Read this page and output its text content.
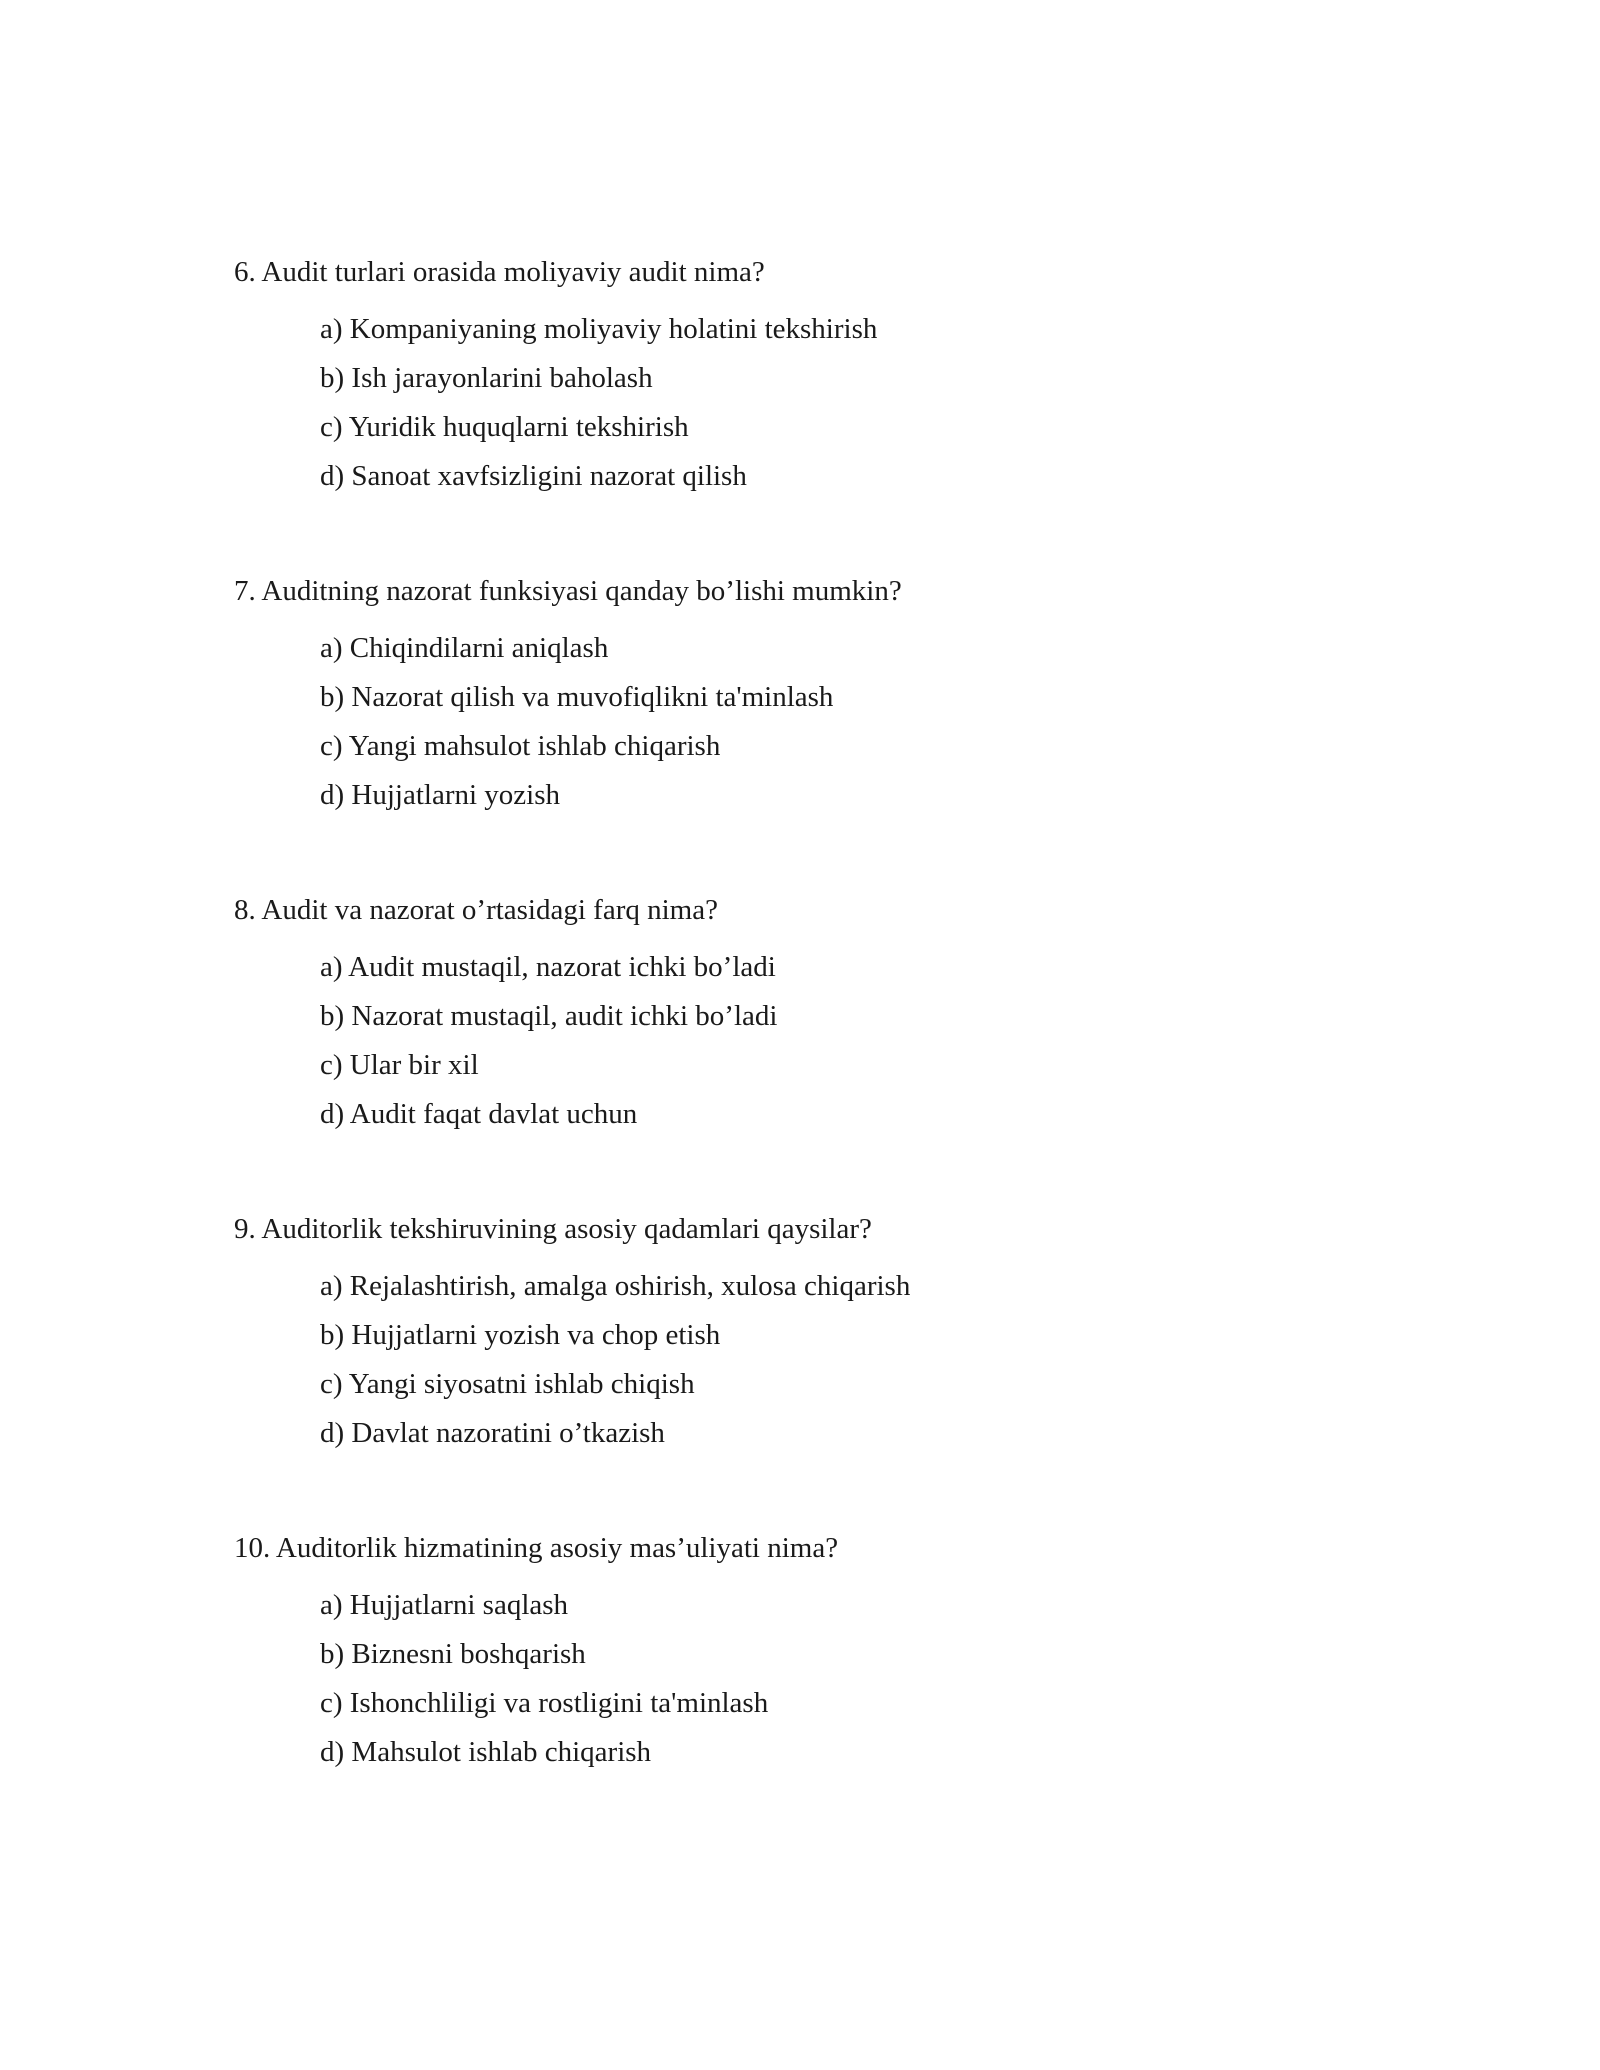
6. Audit turlari orasida moliyaviy audit nima?

a) Kompaniyaning moliyaviy holatini tekshirish
b) Ish jarayonlarini baholash
c) Yuridik huquqlarni tekshirish
d) Sanoat xavfsizligini nazorat qilish

7. Auditning nazorat funksiyasi qanday bo’lishi mumkin?

a) Chiqindilarni aniqlash
b) Nazorat qilish va muvofiqlikni ta'minlash
c) Yangi mahsulot ishlab chiqarish
d) Hujjatlarni yozish

8. Audit va nazorat o’rtasidagi farq nima?

a) Audit mustaqil, nazorat ichki bo’ladi
b) Nazorat mustaqil, audit ichki bo’ladi
c) Ular bir xil
d) Audit faqat davlat uchun

9. Auditorlik tekshiruvining asosiy qadamlari qaysilar?

a) Rejalashtirish, amalga oshirish, xulosa chiqarish
b) Hujjatlarni yozish va chop etish
c) Yangi siyosatni ishlab chiqish
d) Davlat nazoratini o’tkazish

10. Auditorlik hizmatining asosiy mas’uliyati nima?

a) Hujjatlarni saqlash
b) Biznesni boshqarish
c) Ishonchliligi va rostligini ta'minlash
d) Mahsulot ishlab chiqarish
